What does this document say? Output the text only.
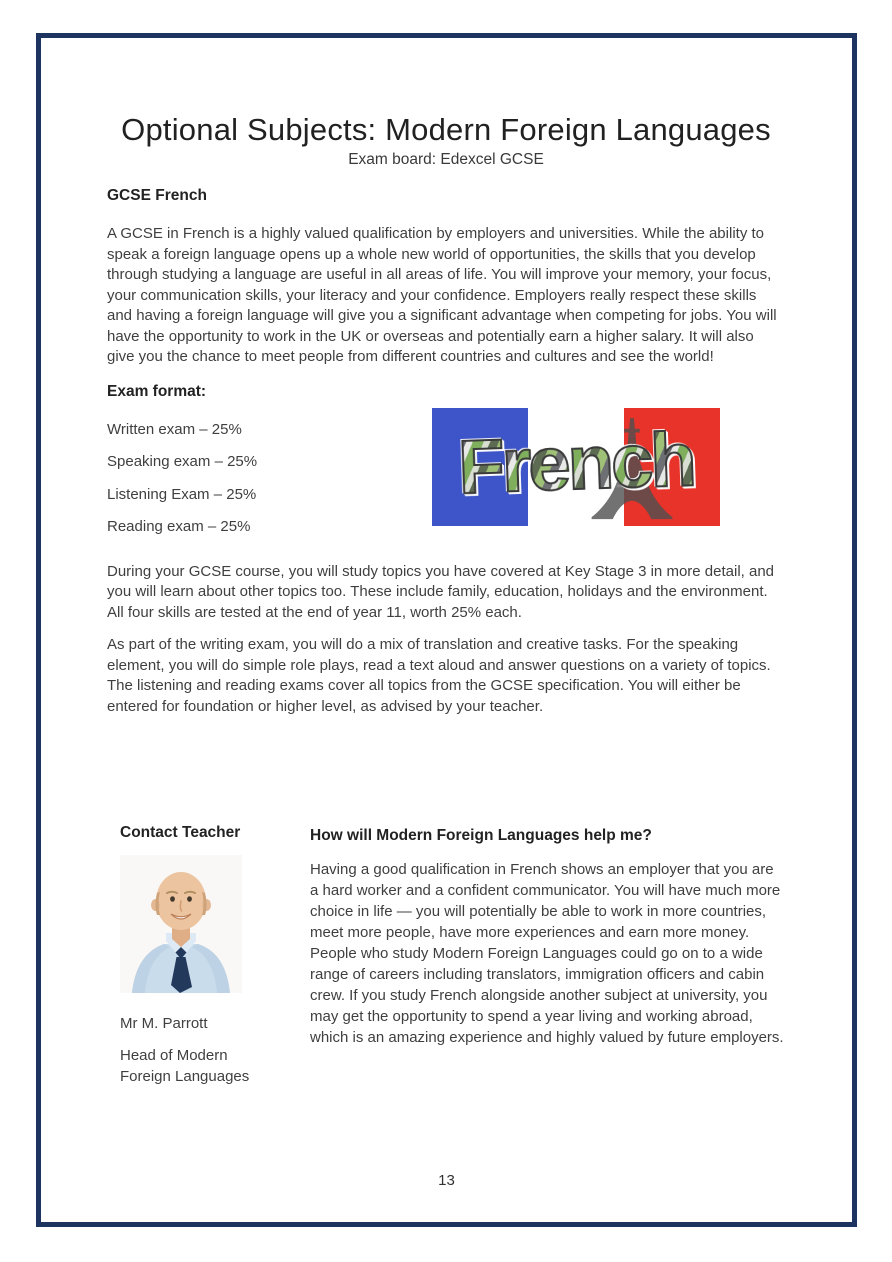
Optional Subjects: Modern Foreign Languages
Exam board: Edexcel GCSE
GCSE French

A GCSE in French is a highly valued qualification by employers and universities. While the ability to speak a foreign language opens up a whole new world of opportunities, the skills that you develop through studying a language are useful in all areas of life. You will improve your memory, your focus, your communication skills, your literacy and your confidence. Employers really respect these skills and having a foreign language will give you a significant advantage when competing for jobs. You will have the opportunity to work in the UK or overseas and potentially earn a higher salary. It will also give you the chance to meet people from different countries and cultures and see the world!

Exam format:

Written exam – 25%

Speaking exam – 25%

Listening Exam – 25%

Reading exam – 25%

French

During your GCSE course, you will study topics you have covered at Key Stage 3 in more detail, and you will learn about other topics too. These include family, education, holidays and the environment. All four skills are tested at the end of year 11, worth 25% each.

As part of the writing exam, you will do a mix of translation and creative tasks. For the speaking element, you will do simple role plays, read a text aloud and answer questions on a variety of topics. The listening and reading exams cover all topics from the GCSE specification. You will either be entered for foundation or higher level, as advised by your teacher.

Contact Teacher

Mr M. Parrott

Head of Modern Foreign Languages

How will Modern Foreign Languages help me?

Having a good qualification in French shows an employer that you are a hard worker and a confident communicator. You will have much more choice in life — you will potentially be able to work in more countries, meet more people, have more experiences and earn more money. People who study Modern Foreign Languages could go on to a wide range of careers including translators, immigration officers and cabin crew. If you study French alongside another subject at university, you may get the opportunity to spend a year living and working abroad, which is an amazing experience and highly valued by future employers.

13
